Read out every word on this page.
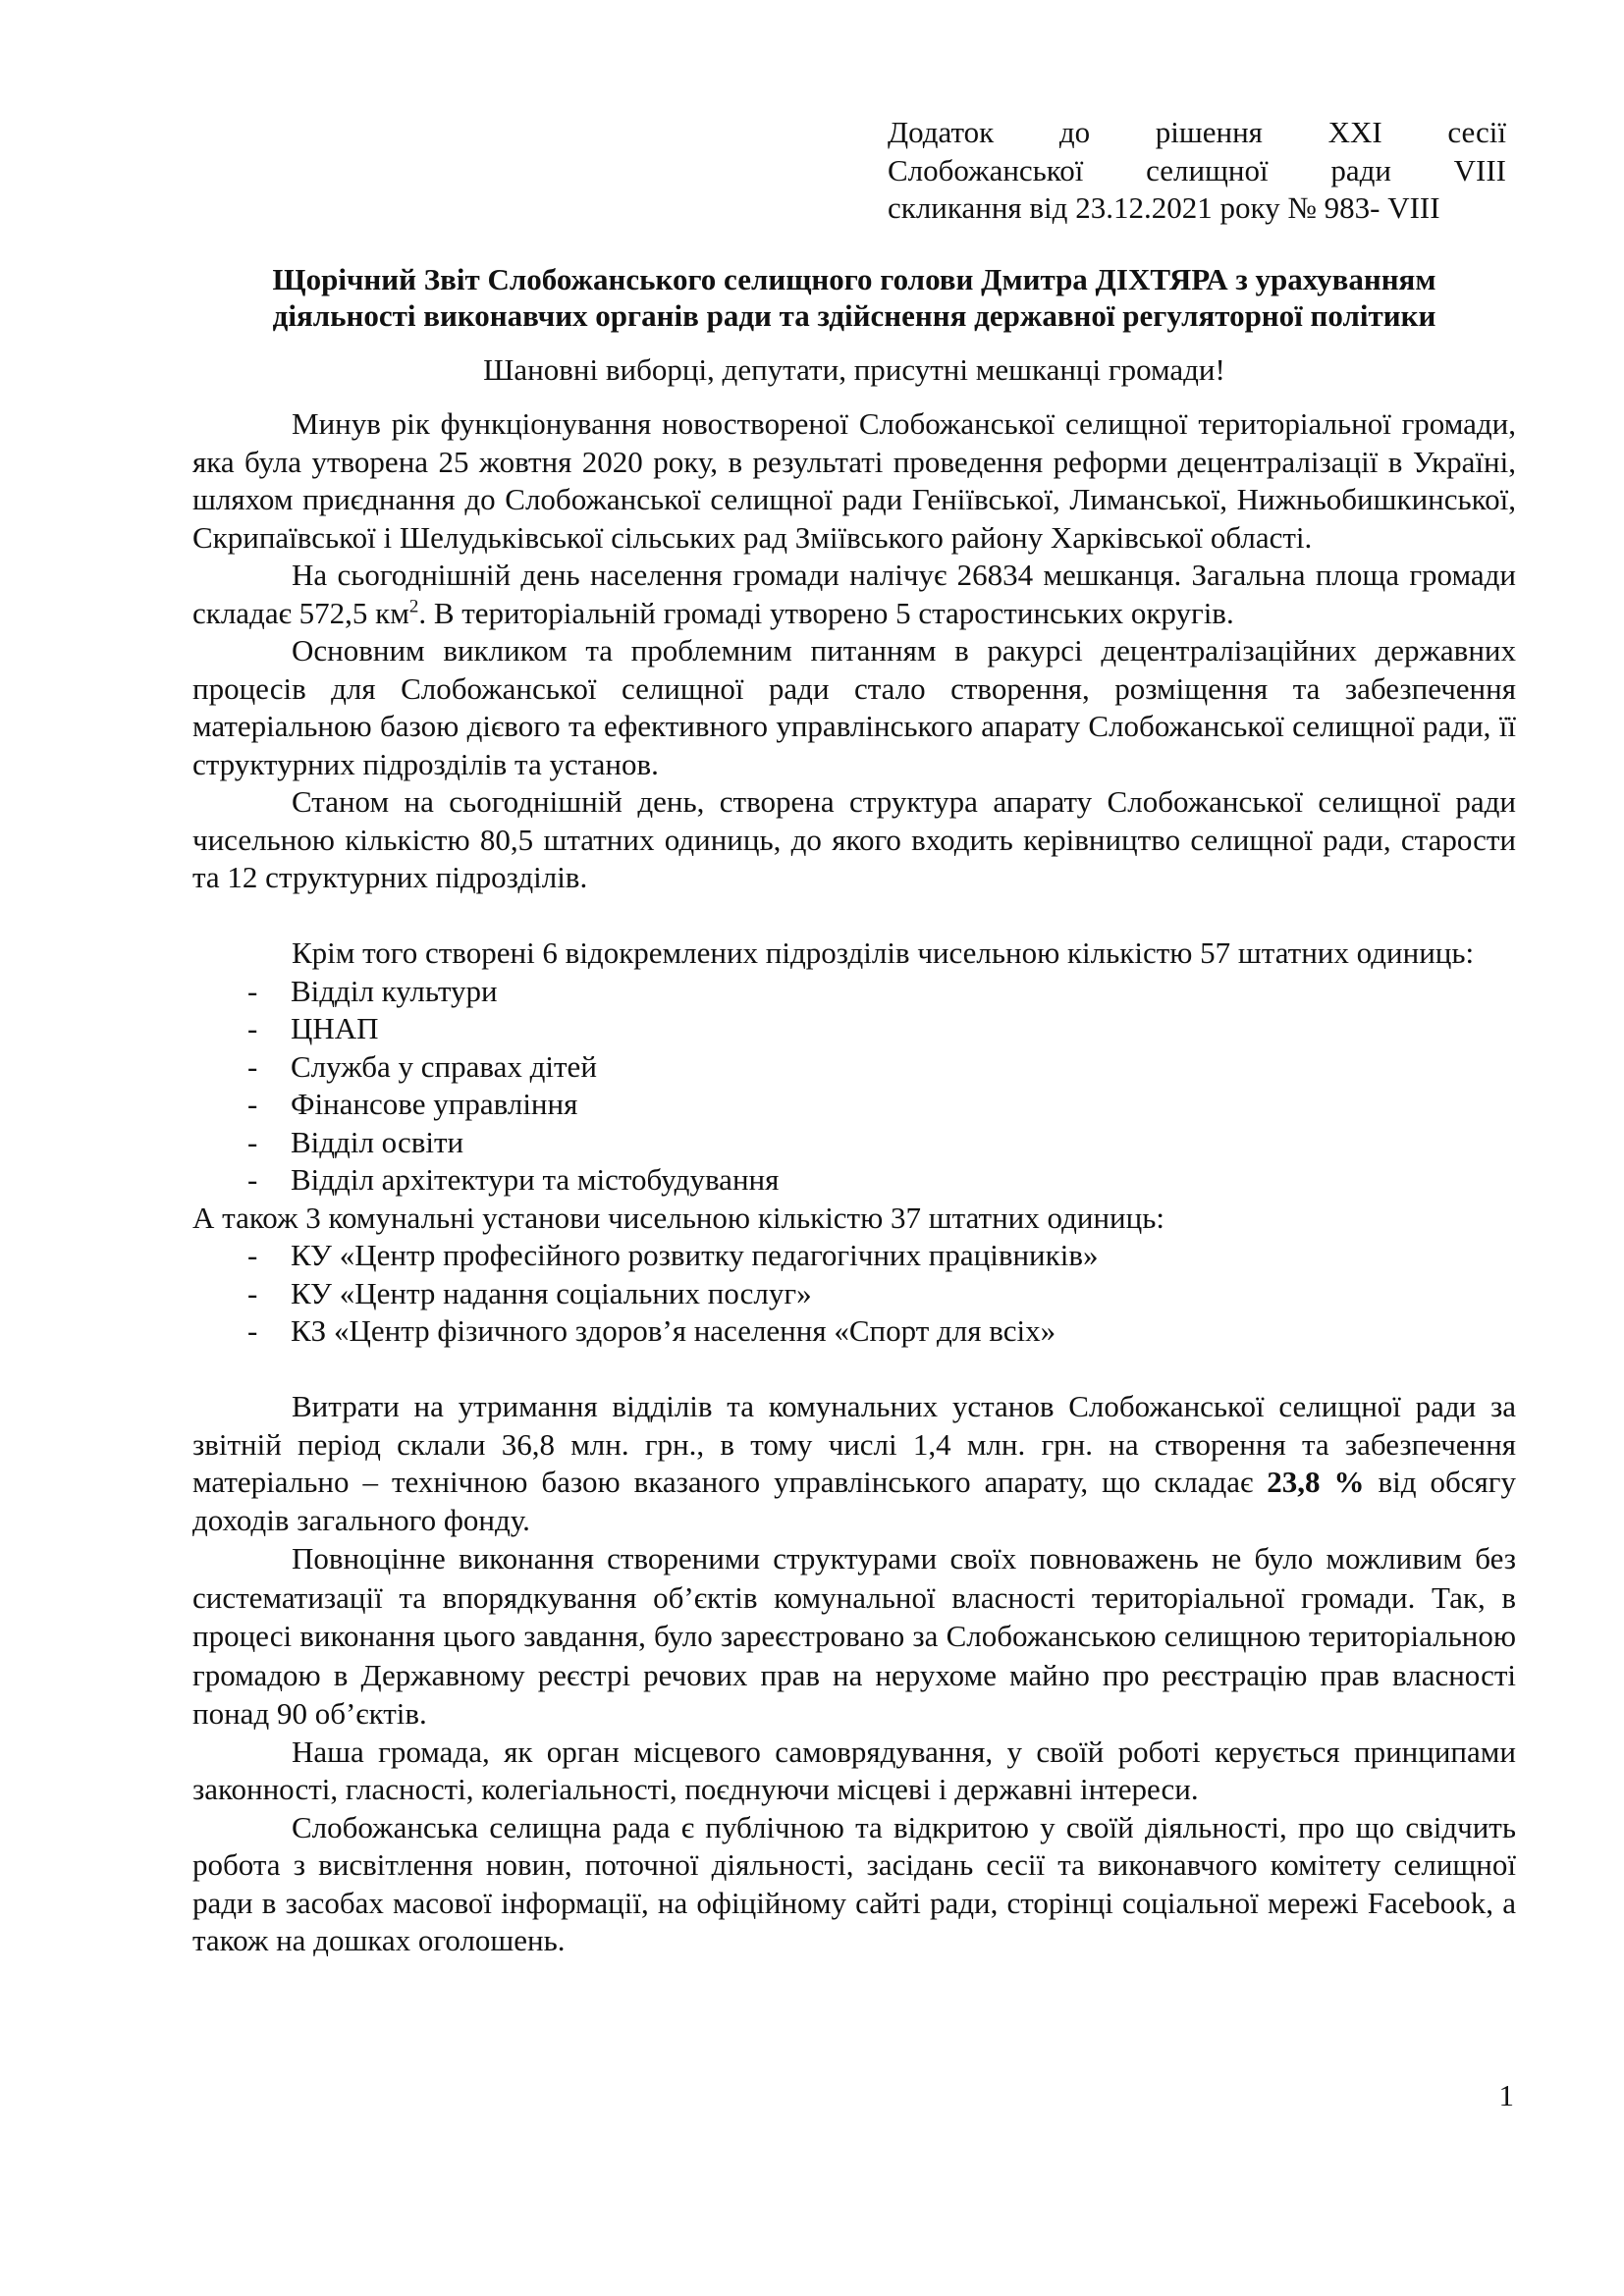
Додаток до рішення XXI сесії
Слобожанської селищної ради VIII
скликання від 23.12.2021 року № 983- VIII
Щорічний Звіт Слобожанського селищного голови Дмитра ДІХТЯРА з урахуванням
діяльності виконавчих органів ради та здійснення державної регуляторної політики
Шановні виборці, депутати, присутні мешканці громади!

Минув рік функціонування новоствореної Слобожанської селищної територіальної громади, яка була утворена 25 жовтня 2020 року, в результаті проведення реформи децентралізації в Україні, шляхом приєднання до Слобожанської селищної ради Геніївської, Лиманської, Нижньобишкинської, Скрипаївської і Шелудьківської сільських рад Зміївського району Харківської області.

На сьогоднішній день населення громади налічує 26834 мешканця. Загальна площа громади складає 572,5 $км^2$. В територіальній громаді утворено 5 старостинських округів.

Основним викликом та проблемним питанням в ракурсі децентралізаційних державних процесів для Слобожанської селищної ради стало створення, розміщення та забезпечення матеріальною базою дієвого та ефективного управлінського апарату Слобожанської селищної ради, її структурних підрозділів та установ.

Станом на сьогоднішній день, створена структура апарату Слобожанської селищної ради чисельною кількістю 80,5 штатних одиниць, до якого входить керівництво селищної ради, старости та 12 структурних підрозділів.

Крім того створені 6 відокремлених підрозділів чисельною кількістю 57 штатних одиниць:

- Відділ культури
- ЦНАП
- Служба у справах дітей
- Фінансове управління
- Відділ освіти
- Відділ архітектури та містобудування

А також 3 комунальні установи чисельною кількістю 37 штатних одиниць:

- КУ «Центр професійного розвитку педагогічних працівників»
- КУ «Центр надання соціальних послуг»
- КЗ «Центр фізичного здоров’я населення «Спорт для всіх»

Витрати на утримання відділів та комунальних установ Слобожанської селищної ради за звітній період склали 36,8 млн. грн., в тому числі 1,4 млн. грн. на створення та забезпечення матеріально – технічною базою вказаного управлінського апарату, що складає 23,8 % від обсягу доходів загального фонду.

Повноцінне виконання створеними структурами своїх повноважень не було можливим без систематизації та впорядкування об’єктів комунальної власності територіальної громади. Так, в процесі виконання цього завдання, було зареєстровано за Слобожанською селищною територіальною громадою в Державному реєстрі речових прав на нерухоме майно про реєстрацію прав власності понад 90 об’єктів.

Наша громада, як орган місцевого самоврядування, у своїй роботі керується принципами законності, гласності, колегіальності, поєднуючи місцеві і державні інтереси.

Слобожанська селищна рада є публічною та відкритою у своїй діяльності, про що свідчить робота з висвітлення новин, поточної діяльності, засідань сесії та виконавчого комітету селищної ради в засобах масової інформації, на офіційному сайті ради, сторінці соціальної мережі Facebook, а також на дошках оголошень.

1
